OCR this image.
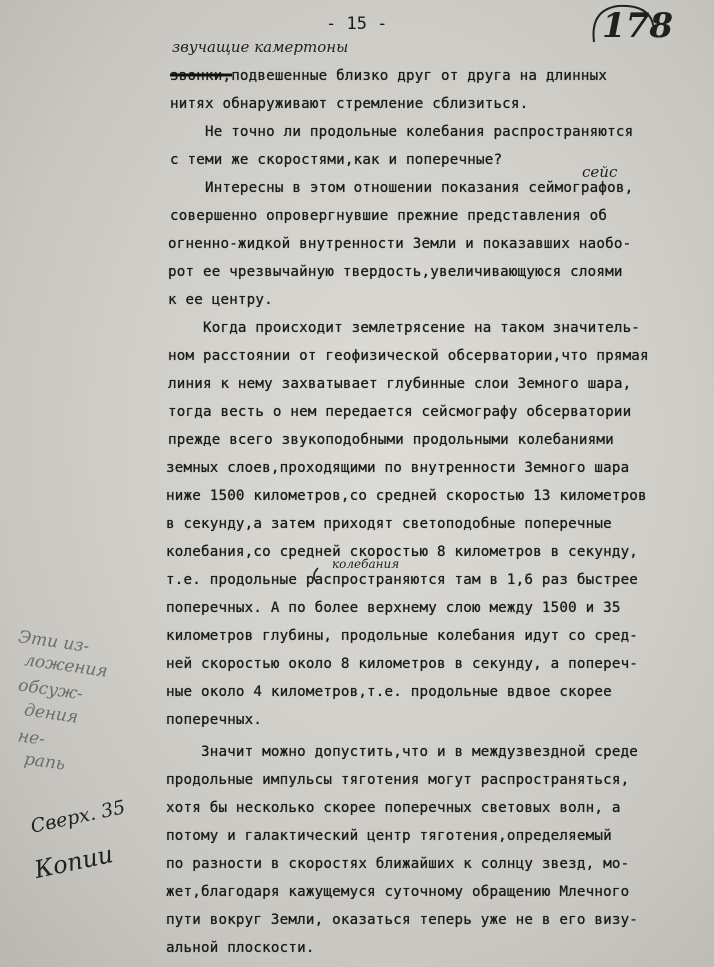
- 15 -	178
звучащие камертоны
сейс
колебания
звонки,подвешенные близко друг от друга на длинных
нитях обнаруживают стремление сблизиться.
Не точно ли продольные колебания распространяются
с теми же скоростями,как и поперечные?
Интересны в этом отношении показания сеймографов,
совершенно опровергнувшие прежние представления об
огненно-жидкой внутренности Земли и показавших наобо-
рот ее чрезвычайную твердость,увеличивающуюся слоями
к ее центру.
Когда происходит землетрясение на таком значитель-
ном расстоянии от геофизической обсерватории,что прямая
линия к нему захватывает глубинные слои Земного шара,
тогда весть о нем передается сейсмографу обсерватории
прежде всего звукоподобными продольными колебаниями
земных слоев,проходящими по внутренности Земного шара
ниже 1500 километров,со средней скоростью 13 километров
в секунду,а затем приходят светоподобные поперечные
колебания,со средней скоростью 8 километров в секунду,
т.е. продольные распространяются там в 1,6 раз быстрее
поперечных. А по более верхнему слою между 1500 и 35
километров глубины, продольные колебания идут со сред-
ней скоростью около 8 километров в секунду, а попереч-
ные около 4 километров,т.е. продольные вдвое скорее
поперечных.
Значит можно допустить,что и в междузвездной среде
продольные импульсы тяготения могут распространяться,
хотя бы несколько скорее поперечных световых волн, а
потому и галактический центр тяготения,определяемый
по разности в скоростях ближайших к солнцу звезд, мо-
жет,благодаря кажущемуся суточному обращению Млечного
пути вокруг Земли, оказаться теперь уже не в его визу-
альной плоскости.
Эти из-
ложения
обсуж-
дения
не-
рапь
Сверх. 35
Копии
